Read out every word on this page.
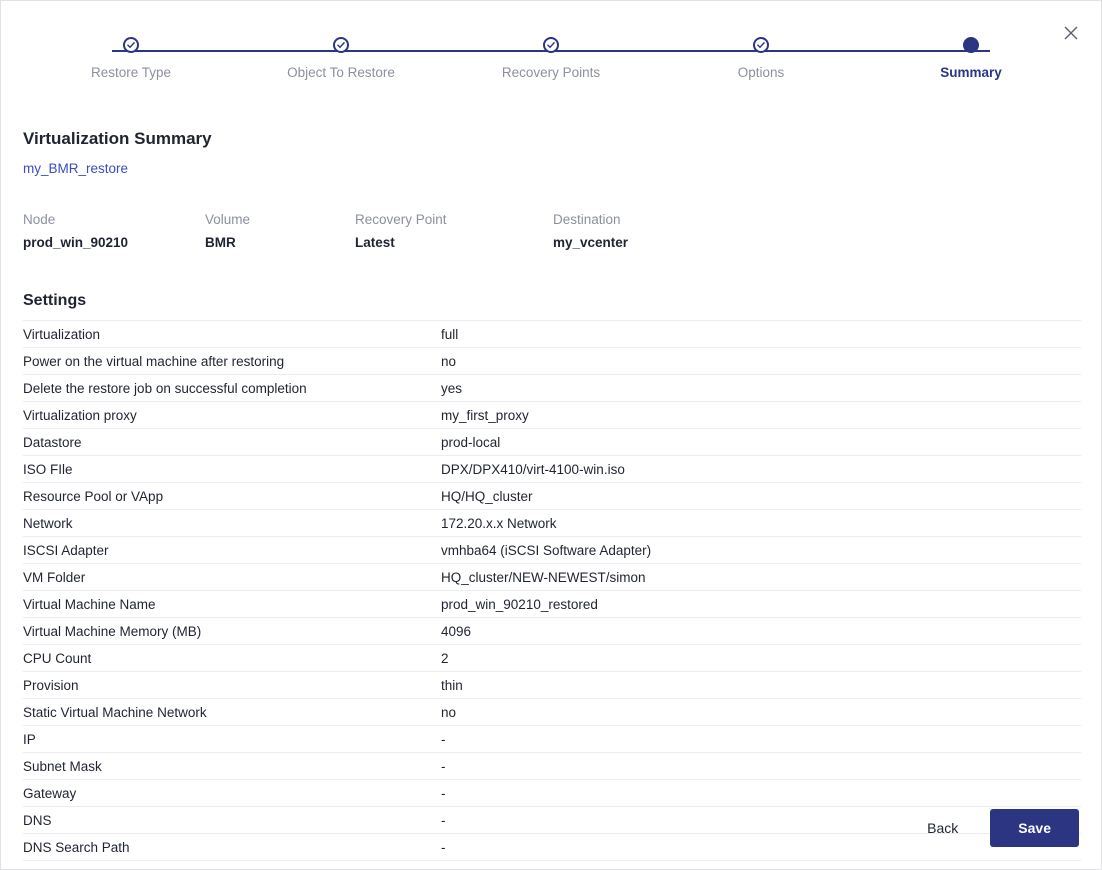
Restore Type	Object To Restore	Recovery Points	Options	Summary
Virtualization Summary
my_BMR_restore
Node	Volume	Recovery Point	Destination
prod_win_90210	BMR	Latest	my_vcenter
Settings
Virtualization	full
Power on the virtual machine after restoring	no
Delete the restore job on successful completion	yes
Virtualization proxy	my_first_proxy
Datastore	prod-local
ISO FIle	DPX/DPX410/virt-4100-win.iso
Resource Pool or VApp	HQ/HQ_cluster
Network	172.20.x.x Network
ISCSI Adapter	vmhba64 (iSCSI Software Adapter)
VM Folder	HQ_cluster/NEW-NEWEST/simon
Virtual Machine Name	prod_win_90210_restored
Virtual Machine Memory (MB)	4096
CPU Count	2
Provision	thin
Static Virtual Machine Network	no
IP	-
Subnet Mask	-
Gateway	-
DNS	-
DNS Search Path	-
Back	Save
